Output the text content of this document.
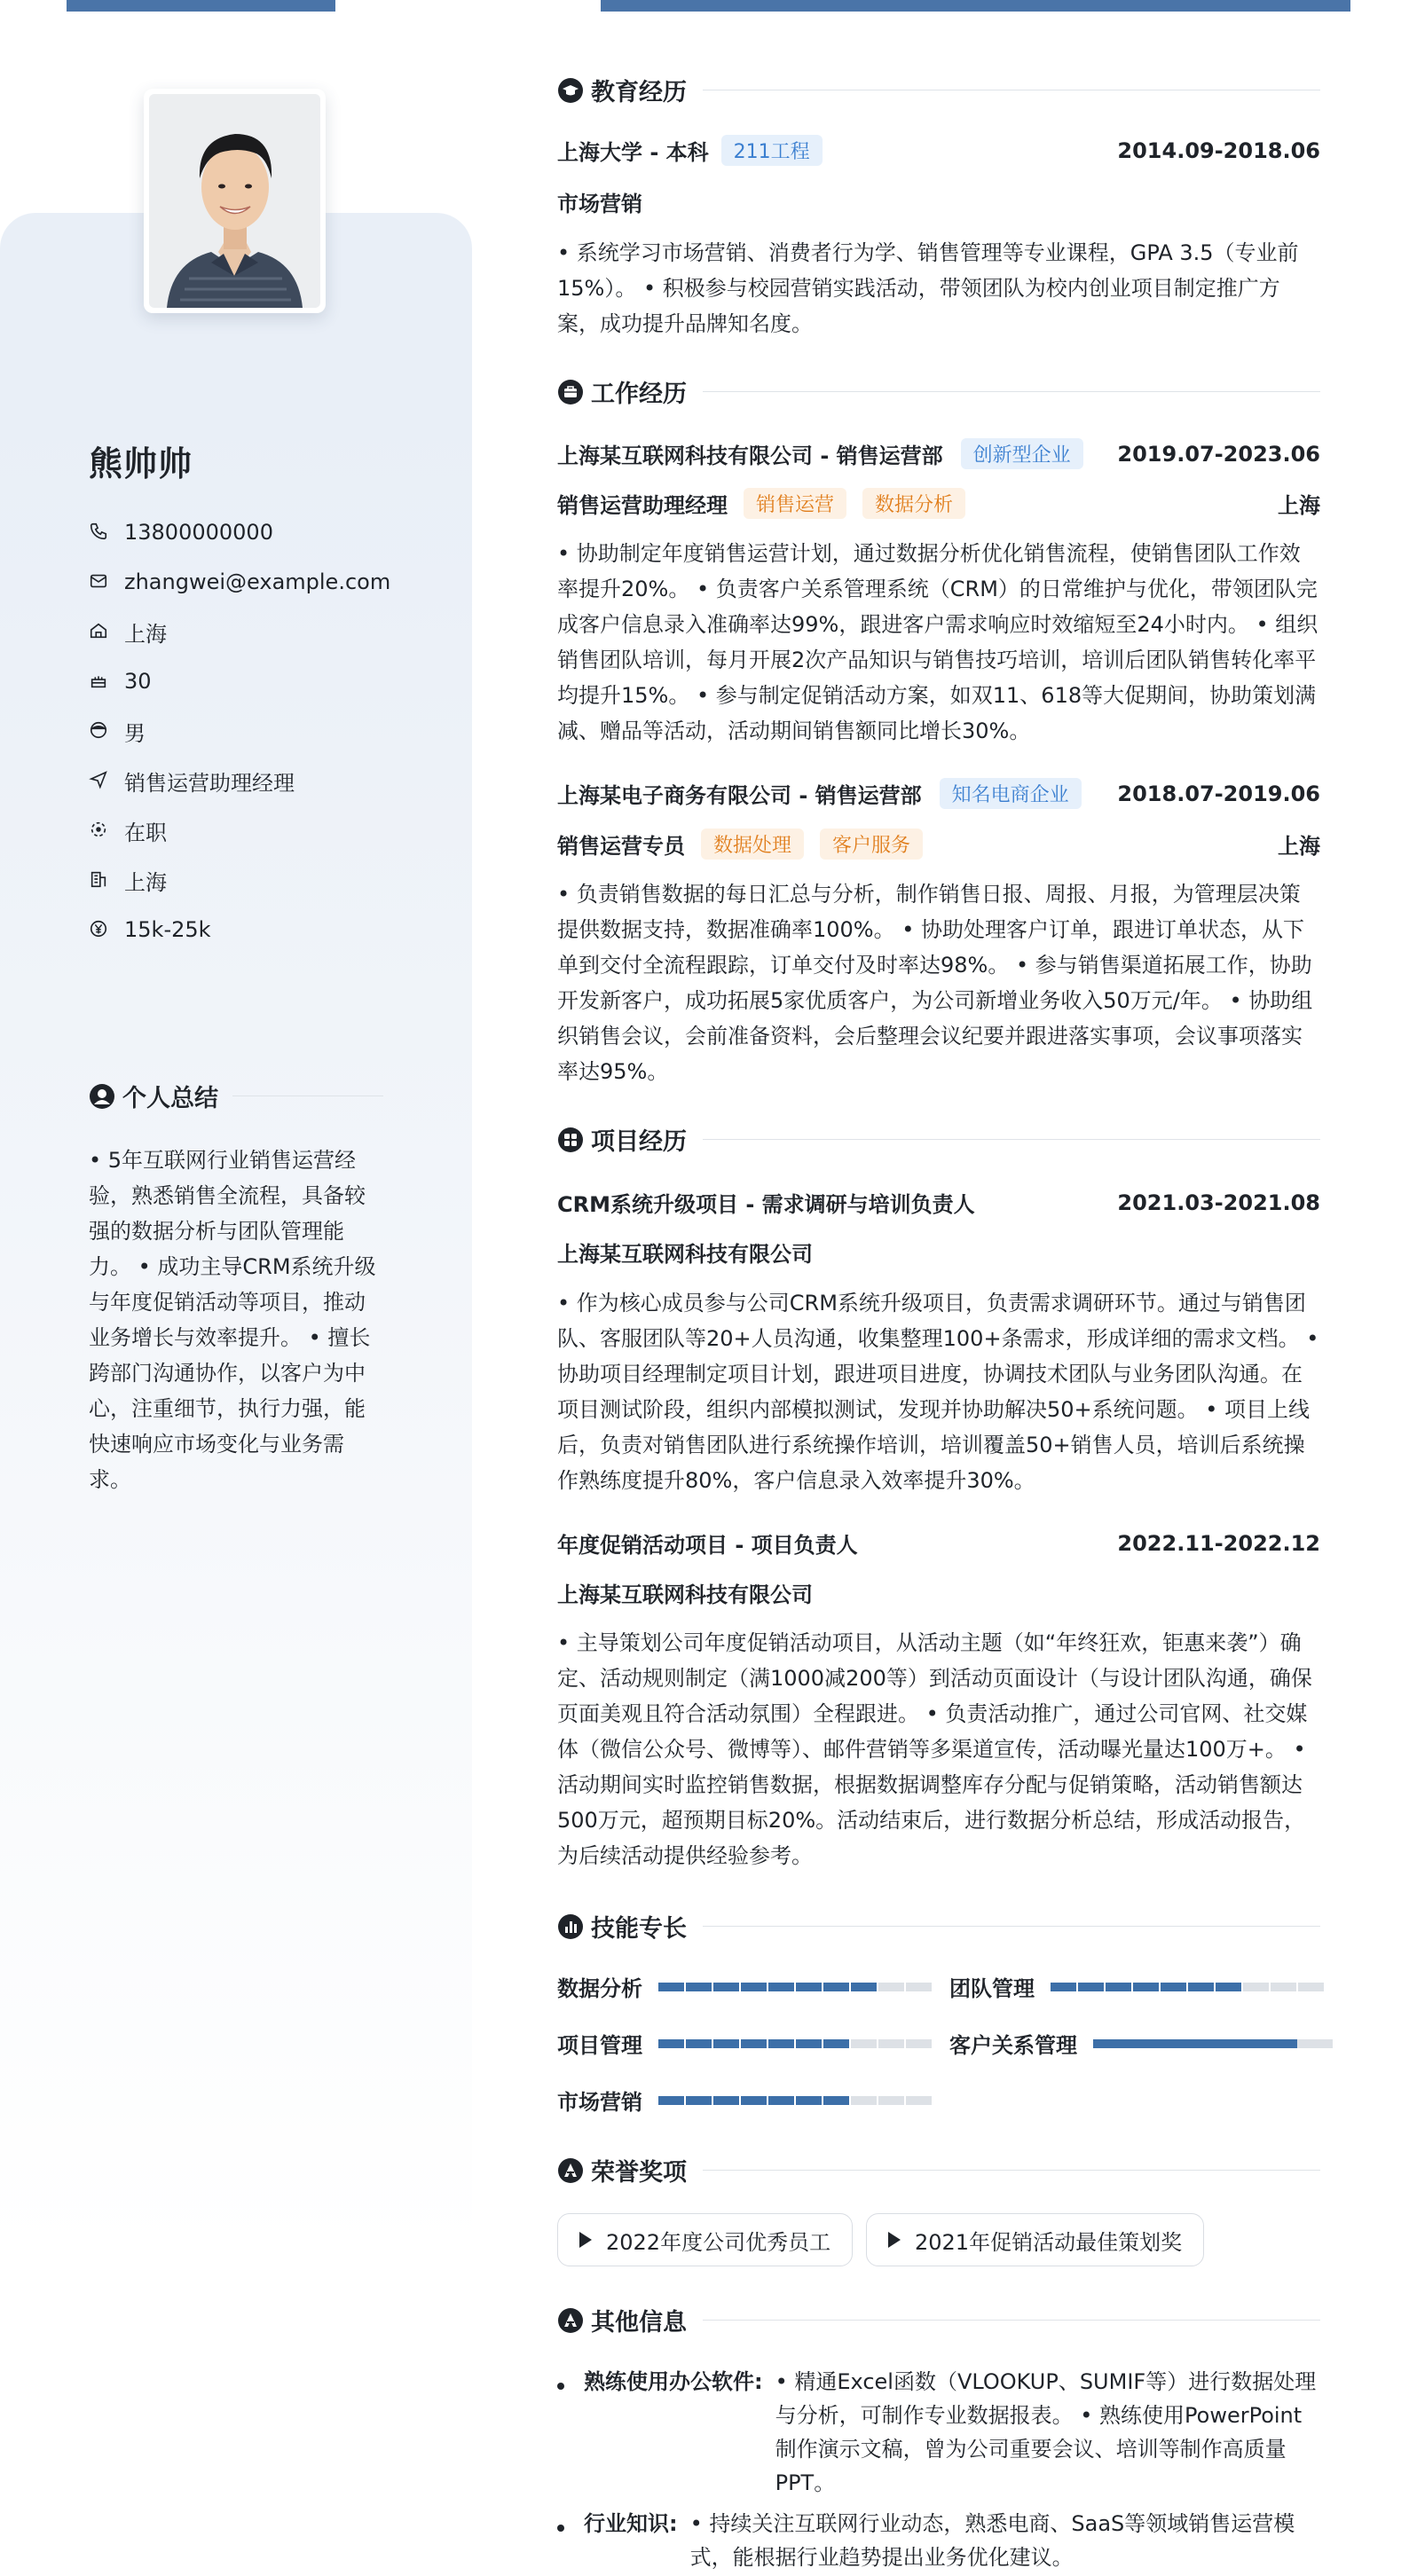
熊帅帅
13800000000
zhangwei@example.com
上海
30
男
销售运营助理经理
在职
上海
15k-25k
个人总结
• 5年互联网行业销售运营经验，熟悉销售全流程，具备较强的数据分析与团队管理能力。 • 成功主导CRM系统升级与年度促销活动等项目，推动业务增长与效率提升。 • 擅长跨部门沟通协作，以客户为中心，注重细节，执行力强，能快速响应市场变化与业务需求。
教育经历
上海大学 - 本科	211工程	2014.09-2018.06
市场营销
• 系统学习市场营销、消费者行为学、销售管理等专业课程，GPA 3.5（专业前15%）。 • 积极参与校园营销实践活动，带领团队为校内创业项目制定推广方案，成功提升品牌知名度。
工作经历
上海某互联网科技有限公司 - 销售运营部	创新型企业	2019.07-2023.06
销售运营助理经理	销售运营	数据分析	上海
• 协助制定年度销售运营计划，通过数据分析优化销售流程，使销售团队工作效率提升20%。 • 负责客户关系管理系统（CRM）的日常维护与优化，带领团队完成客户信息录入准确率达99%，跟进客户需求响应时效缩短至24小时内。 • 组织销售团队培训，每月开展2次产品知识与销售技巧培训，培训后团队销售转化率平均提升15%。 • 参与制定促销活动方案，如双11、618等大促期间，协助策划满减、赠品等活动，活动期间销售额同比增长30%。
上海某电子商务有限公司 - 销售运营部	知名电商企业	2018.07-2019.06
销售运营专员	数据处理	客户服务	上海
• 负责销售数据的每日汇总与分析，制作销售日报、周报、月报，为管理层决策提供数据支持，数据准确率100%。 • 协助处理客户订单，跟进订单状态，从下单到交付全流程跟踪，订单交付及时率达98%。 • 参与销售渠道拓展工作，协助开发新客户，成功拓展5家优质客户，为公司新增业务收入50万元/年。 • 协助组织销售会议，会前准备资料，会后整理会议纪要并跟进落实事项，会议事项落实率达95%。
项目经历
CRM系统升级项目 - 需求调研与培训负责人	2021.03-2021.08
上海某互联网科技有限公司
• 作为核心成员参与公司CRM系统升级项目，负责需求调研环节。通过与销售团队、客服团队等20+人员沟通，收集整理100+条需求，形成详细的需求文档。 • 协助项目经理制定项目计划，跟进项目进度，协调技术团队与业务团队沟通。在项目测试阶段，组织内部模拟测试，发现并协助解决50+系统问题。 • 项目上线后，负责对销售团队进行系统操作培训，培训覆盖50+销售人员，培训后系统操作熟练度提升80%，客户信息录入效率提升30%。
年度促销活动项目 - 项目负责人	2022.11-2022.12
上海某互联网科技有限公司
• 主导策划公司年度促销活动项目，从活动主题（如“年终狂欢，钜惠来袭”）确定、活动规则制定（满1000减200等）到活动页面设计（与设计团队沟通，确保页面美观且符合活动氛围）全程跟进。 • 负责活动推广，通过公司官网、社交媒体（微信公众号、微博等）、邮件营销等多渠道宣传，活动曝光量达100万+。 • 活动期间实时监控销售数据，根据数据调整库存分配与促销策略，活动销售额达500万元，超预期目标20%。活动结束后，进行数据分析总结，形成活动报告，为后续活动提供经验参考。
技能专长
数据分析	团队管理
项目管理	客户关系管理
市场营销
荣誉奖项
2022年度公司优秀员工	2021年促销活动最佳策划奖
其他信息
熟练使用办公软件: • 精通Excel函数（VLOOKUP、SUMIF等）进行数据处理与分析，可制作专业数据报表。 • 熟练使用PowerPoint制作演示文稿，曾为公司重要会议、培训等制作高质量PPT。
行业知识: • 持续关注互联网行业动态，熟悉电商、SaaS等领域销售运营模式，能根据行业趋势提出业务优化建议。
